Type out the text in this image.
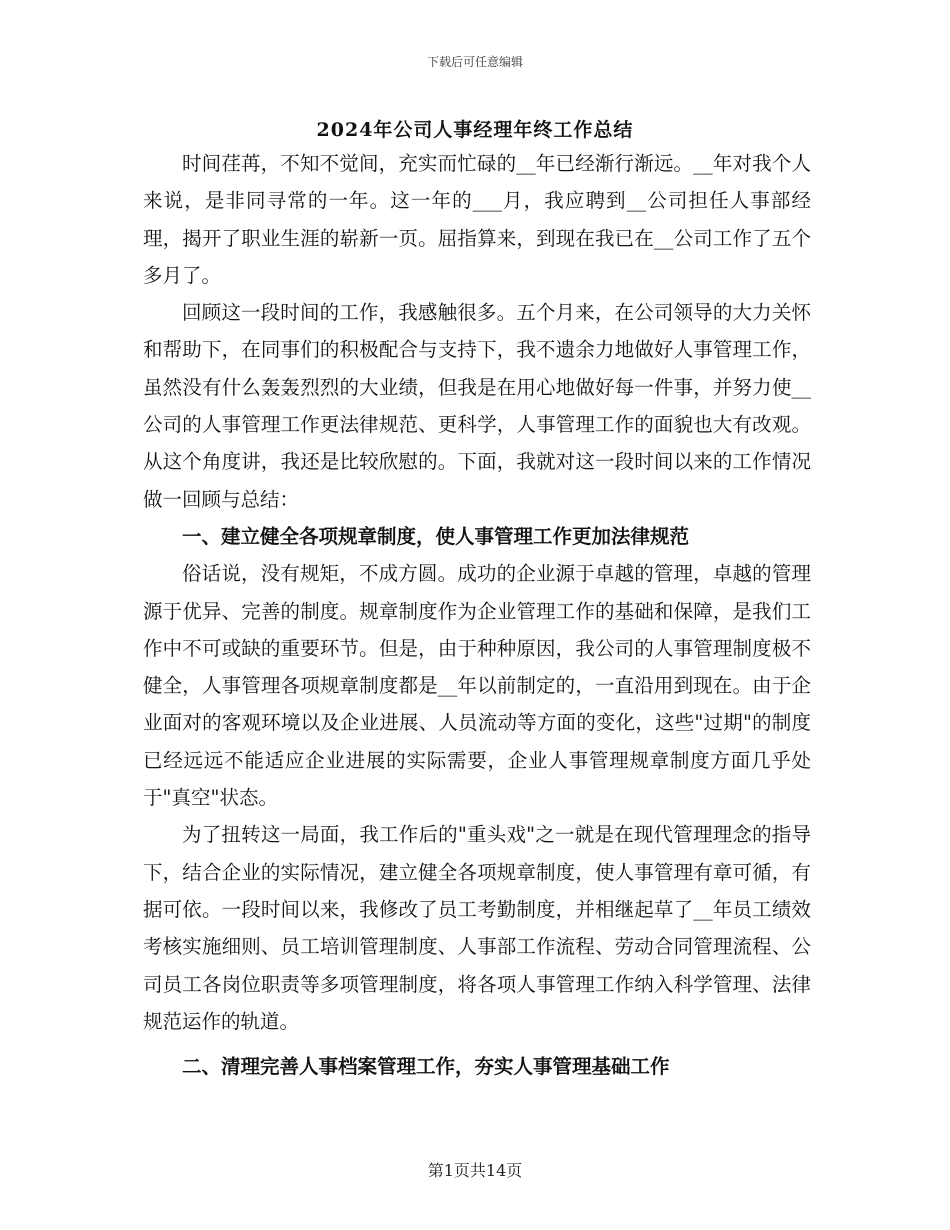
下载后可任意编辑
2024年公司人事经理年终工作总结

时间荏苒，不知不觉间，充实而忙碌的__年已经渐行渐远。__年对我个人来说，是非同寻常的一年。这一年的___月，我应聘到__公司担任人事部经理，揭开了职业生涯的崭新一页。屈指算来，到现在我已在__公司工作了五个多月了。

回顾这一段时间的工作，我感触很多。五个月来，在公司领导的大力关怀和帮助下，在同事们的积极配合与支持下，我不遗余力地做好人事管理工作，虽然没有什么轰轰烈烈的大业绩，但我是在用心地做好每一件事，并努力使__公司的人事管理工作更法律规范、更科学，人事管理工作的面貌也大有改观。从这个角度讲，我还是比较欣慰的。下面，我就对这一段时间以来的工作情况做一回顾与总结：

一、建立健全各项规章制度，使人事管理工作更加法律规范

俗话说，没有规矩，不成方圆。成功的企业源于卓越的管理，卓越的管理源于优异、完善的制度。规章制度作为企业管理工作的基础和保障，是我们工作中不可或缺的重要环节。但是，由于种种原因，我公司的人事管理制度极不健全，人事管理各项规章制度都是__年以前制定的，一直沿用到现在。由于企业面对的客观环境以及企业进展、人员流动等方面的变化，这些"过期"的制度已经远远不能适应企业进展的实际需要，企业人事管理规章制度方面几乎处于"真空"状态。

为了扭转这一局面，我工作后的"重头戏"之一就是在现代管理理念的指导下，结合企业的实际情况，建立健全各项规章制度，使人事管理有章可循，有据可依。一段时间以来，我修改了员工考勤制度，并相继起草了__年员工绩效考核实施细则、员工培训管理制度、人事部工作流程、劳动合同管理流程、公司员工各岗位职责等多项管理制度，将各项人事管理工作纳入科学管理、法律规范运作的轨道。

二、清理完善人事档案管理工作，夯实人事管理基础工作

第1页共14页
